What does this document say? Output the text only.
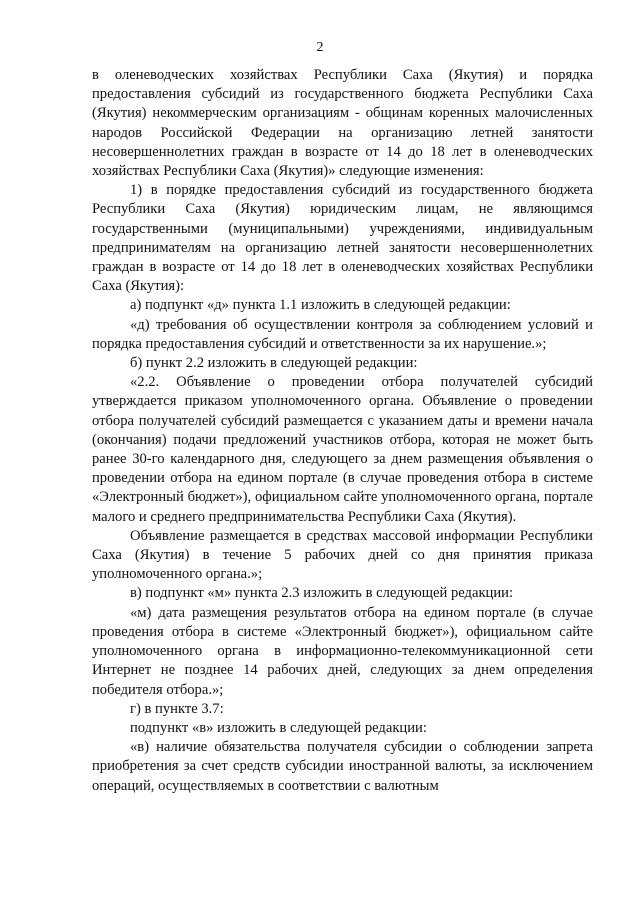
2

в оленеводческих хозяйствах Республики Саха (Якутия) и порядка предоставления субсидий из государственного бюджета Республики Саха (Якутия) некоммерческим организациям - общинам коренных малочисленных народов Российской Федерации на организацию летней занятости несовершеннолетних граждан в возрасте от 14 до 18 лет в оленеводческих хозяйствах Республики Саха (Якутия)» следующие изменения:

1) в порядке предоставления субсидий из государственного бюджета Республики Саха (Якутия) юридическим лицам, не являющимся государственными (муниципальными) учреждениями, индивидуальным предпринимателям на организацию летней занятости несовершеннолетних граждан в возрасте от 14 до 18 лет в оленеводческих хозяйствах Республики Саха (Якутия):

а) подпункт «д» пункта 1.1 изложить в следующей редакции:

«д) требования об осуществлении контроля за соблюдением условий и порядка предоставления субсидий и ответственности за их нарушение.»;

б) пункт 2.2 изложить в следующей редакции:

«2.2. Объявление о проведении отбора получателей субсидий утверждается приказом уполномоченного органа. Объявление о проведении отбора получателей субсидий размещается с указанием даты и времени начала (окончания) подачи предложений участников отбора, которая не может быть ранее 30-го календарного дня, следующего за днем размещения объявления о проведении отбора на едином портале (в случае проведения отбора в системе «Электронный бюджет»), официальном сайте уполномоченного органа, портале малого и среднего предпринимательства Республики Саха (Якутия).

Объявление размещается в средствах массовой информации Республики Саха (Якутия) в течение 5 рабочих дней со дня принятия приказа уполномоченного органа.»;

в) подпункт «м» пункта 2.3 изложить в следующей редакции:

«м) дата размещения результатов отбора на едином портале (в случае проведения отбора в системе «Электронный бюджет»), официальном сайте уполномоченного органа в информационно-телекоммуникационной сети Интернет не позднее 14 рабочих дней, следующих за днем определения победителя отбора.»;

г) в пункте 3.7:

подпункт «в» изложить в следующей редакции:

«в) наличие обязательства получателя субсидии о соблюдении запрета приобретения за счет средств субсидии иностранной валюты, за исключением операций, осуществляемых в соответствии с валютным
